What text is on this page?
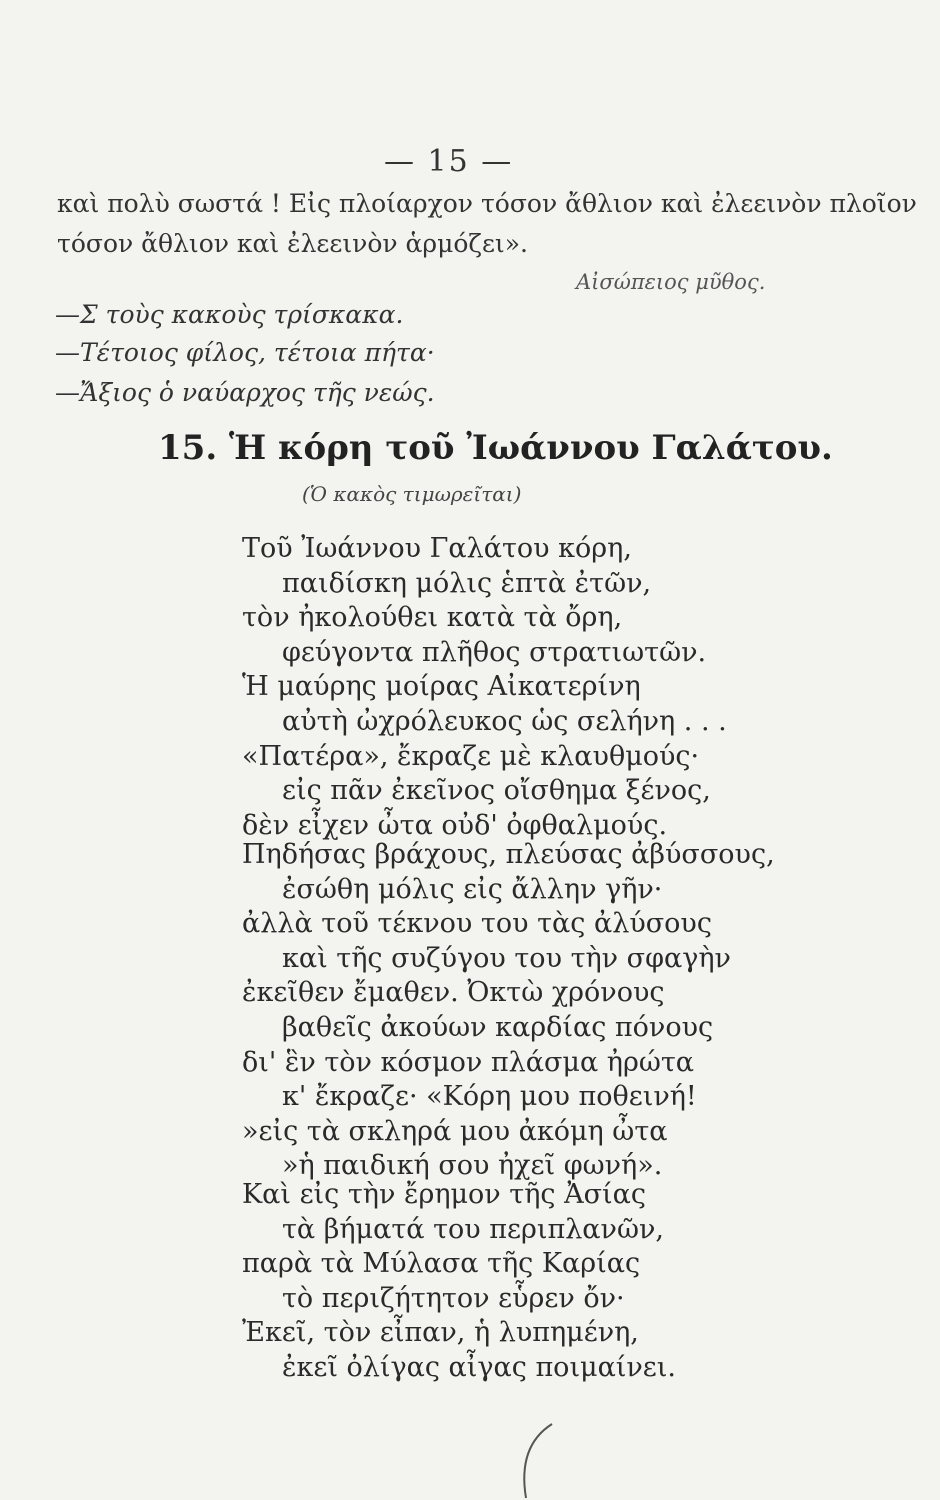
— 15 —
καὶ πολὺ σωστά ! Εἰς πλοίαρχον τόσον ἄθλιον καὶ ἐλεεινὸν πλοῖον
τόσον ἄθλιον καὶ ἐλεεινὸν ἁρμόζει».
Αἰσώπειος μῦθος.
—Σ τοὺς κακοὺς τρίσκακα.
—Τέτοιος φίλος, τέτοια πήτα·
—Ἄξιος ὁ ναύαρχος τῆς νεώς.
15. Ἡ κόρη τοῦ Ἰωάννου Γαλάτου.
(Ὁ κακὸς τιμωρεῖται)
Τοῦ Ἰωάννου Γαλάτου κόρη,
παιδίσκη μόλις ἑπτὰ ἐτῶν,
τὸν ἠκολούθει κατὰ τὰ ὄρη,
φεύγοντα πλῆθος στρατιωτῶν.
Ἡ μαύρης μοίρας Αἰκατερίνη
αὐτὴ ὠχρόλευκος ὡς σελήνη . . .
«Πατέρα», ἔκραζε μὲ κλαυθμούς·
εἰς πᾶν ἐκεῖνος οἴσθημα ξένος,
δὲν εἶχεν ὦτα οὐδ' ὀφθαλμούς.
Πηδήσας βράχους, πλεύσας ἀβύσσους,
ἐσώθη μόλις εἰς ἄλλην γῆν·
ἀλλὰ τοῦ τέκνου του τὰς ἀλύσους
καὶ τῆς συζύγου του τὴν σφαγὴν
ἐκεῖθεν ἔμαθεν. Ὀκτὼ χρόνους
βαθεῖς ἀκούων καρδίας πόνους
δι' ἓν τὸν κόσμον πλάσμα ἠρώτα
κ' ἔκραζε· «Κόρη μου ποθεινή!
»εἰς τὰ σκληρά μου ἀκόμη ὦτα
»ἡ παιδική σου ἠχεῖ φωνή».
Καὶ εἰς τὴν ἔρημον τῆς Ἀσίας
τὰ βήματά του περιπλανῶν,
παρὰ τὰ Μύλασα τῆς Καρίας
τὸ περιζήτητον εὗρεν ὄν·
Ἐκεῖ, τὸν εἶπαν, ἡ λυπημένη,
ἐκεῖ ὀλίγας αἶγας ποιμαίνει.
